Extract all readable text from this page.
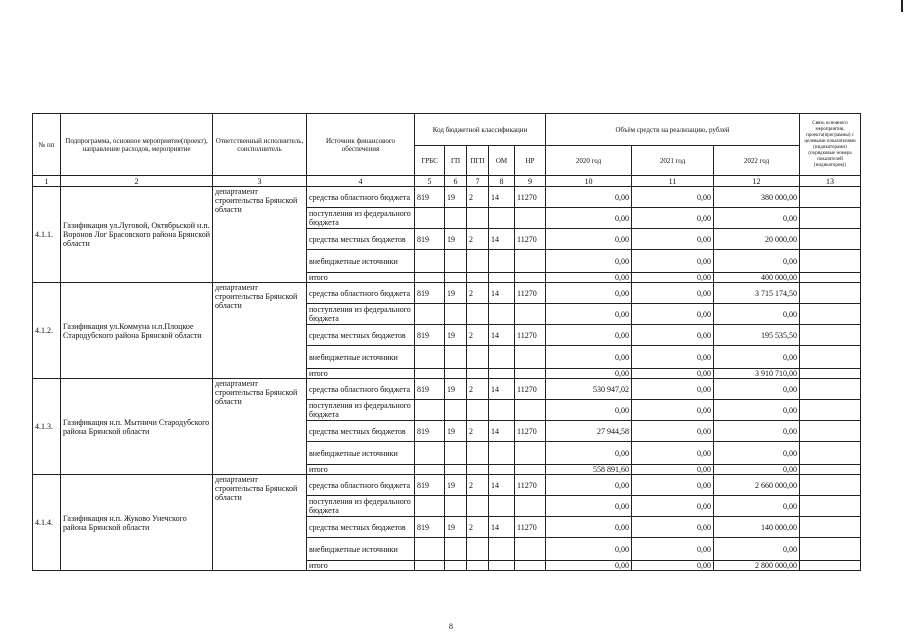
№ пп	Подпрограмма, основное мероприятие(проект), направление расходов, мероприятие	Ответственный исполнитель, соисполнитель	Источник финансового обеспечения	Код бюджетной классификации					Объём средств на реализацию, рублей			Связь основного мероприятия, проекта(программы) с целевыми показателями (индикаторами) (порядковые номера показателей (индикаторов))
				ГРБС	ГП	ПГП	ОМ	НР	2020 год	2021 год	2022 год	
1	2	3	4	5	6	7	8	9	10	11	12	13
4.1.1.	Газификация ул.Луговой, Октябрьской н.п. Воронов Лог Брасовского района Брянской области	департамент строительства Брянской области	средства областного бюджета	819	19	2	14	11270	0,00	0,00	380 000,00	
			поступления из федерального бюджета						0,00	0,00	0,00	
			средства местных бюджетов	819	19	2	14	11270	0,00	0,00	20 000,00	
			внебюджетные источники						0,00	0,00	0,00	
			итого						0,00	0,00	400 000,00	
4.1.2.	Газификация ул.Коммуна н.п.Плоцкое Стародубского района Брянской области	департамент строительства Брянской области	средства областного бюджета	819	19	2	14	11270	0,00	0,00	3 715 174,50	
			поступления из федерального бюджета						0,00	0,00	0,00	
			средства местных бюджетов	819	19	2	14	11270	0,00	0,00	195 535,50	
			внебюджетные источники						0,00	0,00	0,00	
			итого						0,00	0,00	3 910 710,00	
4.1.3.	Газификация н.п. Мытничи Стародубского района Брянской области	департамент строительства Брянской области	средства областного бюджета	819	19	2	14	11270	530 947,02	0,00	0,00	
			поступления из федерального бюджета						0,00	0,00	0,00	
			средства местных бюджетов	819	19	2	14	11270	27 944,58	0,00	0,00	
			внебюджетные источники						0,00	0,00	0,00	
			итого						558 891,60	0,00	0,00	
4.1.4.	Газификация н.п. Жуково Унечского района Брянской области	департамент строительства Брянской области	средства областного бюджета	819	19	2	14	11270	0,00	0,00	2 660 000,00	
			поступления из федерального бюджета						0,00	0,00	0,00	
			средства местных бюджетов	819	19	2	14	11270	0,00	0,00	140 000,00	
			внебюджетные источники						0,00	0,00	0,00	
			итого						0,00	0,00	2 800 000,00	
8
